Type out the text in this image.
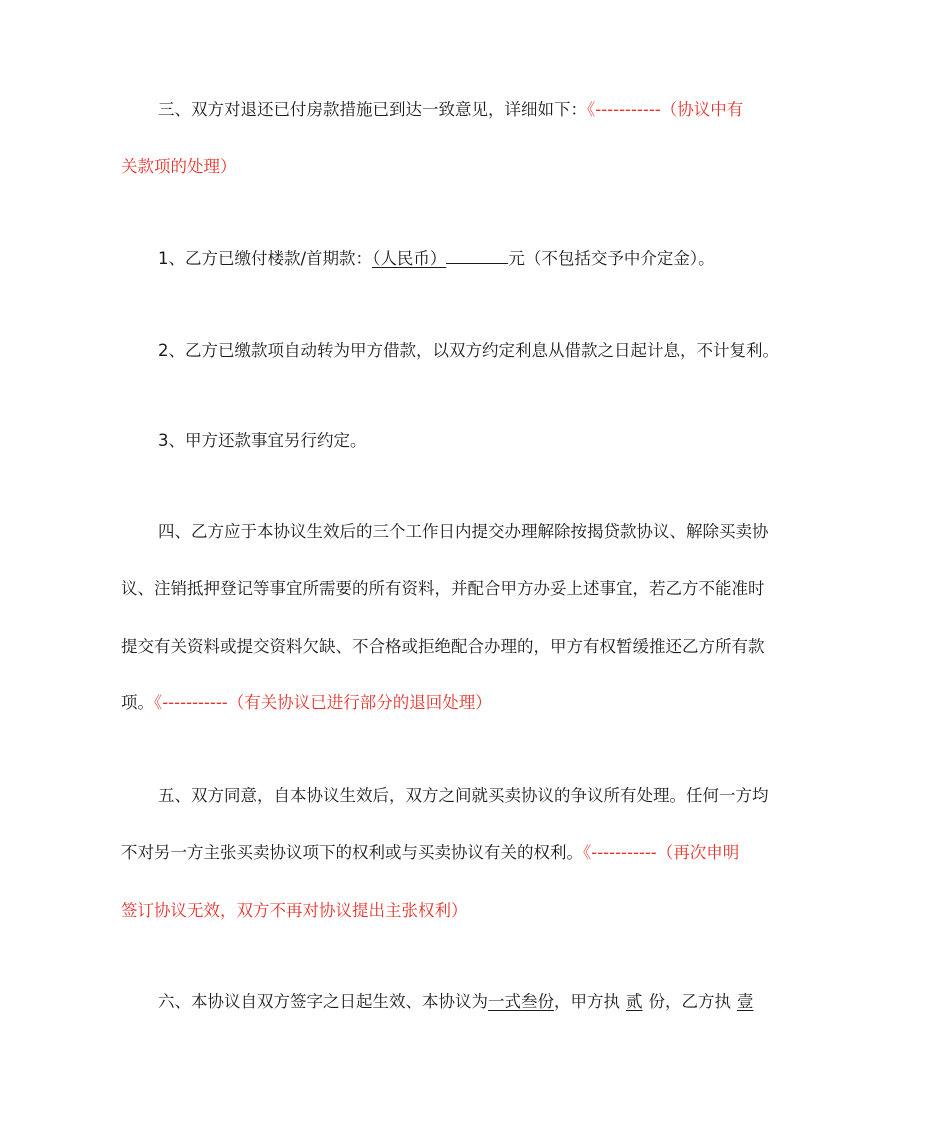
三、双方对退还已付房款措施已到达一致意见，详细如下：《-----------（协议中有
关款项的处理）
1、乙方已缴付楼款/首期款：（人民币）	元（不包括交予中介定金）。
2、乙方已缴款项自动转为甲方借款，以双方约定利息从借款之日起计息，不计复利。
3、甲方还款事宜另行约定。
四、乙方应于本协议生效后的三个工作日内提交办理解除按揭贷款协议、解除买卖协
议、注销抵押登记等事宜所需要的所有资料，并配合甲方办妥上述事宜，若乙方不能准时
提交有关资料或提交资料欠缺、不合格或拒绝配合办理的，甲方有权暂缓推还乙方所有款
项。《-----------（有关协议已进行部分的退回处理）
五、双方同意，自本协议生效后，双方之间就买卖协议的争议所有处理。任何一方均
不对另一方主张买卖协议项下的权利或与买卖协议有关的权利。《-----------（再次申明
签订协议无效，双方不再对协议提出主张权利）
六、本协议自双方签字之日起生效、本协议为一式叁份，甲方执 贰 份，乙方执 壹
